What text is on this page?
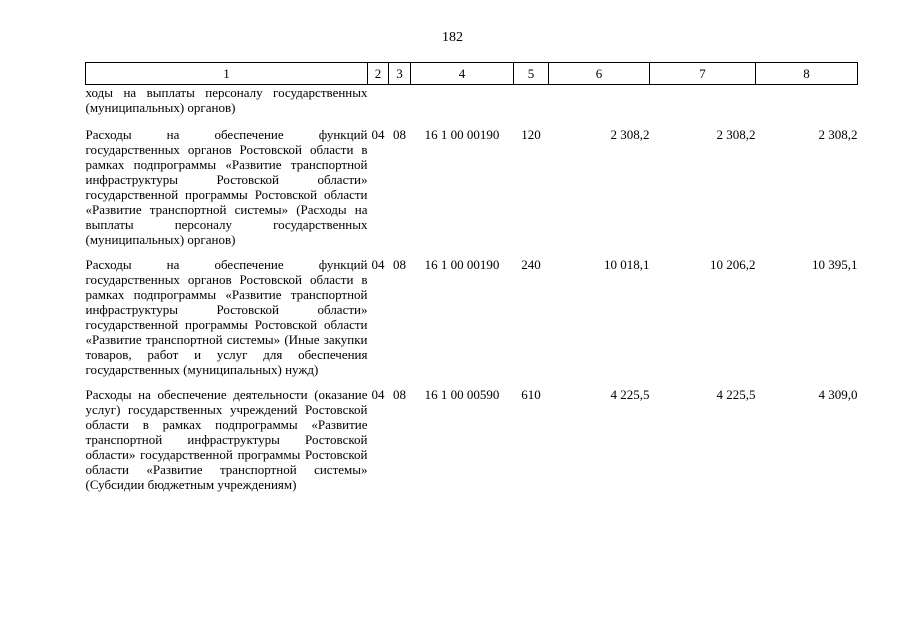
182
1	2	3	4	5	6	7	8
ходы на выплаты персоналу государственных (муниципальных) органов)							
Расходы на обеспечение функций государственных органов Ростовской области в рамках подпрограммы «Развитие транспортной инфраструктуры Ростовской области» государственной программы Ростовской области «Развитие транспортной системы» (Расходы на выплаты персоналу государственных (муниципальных) органов)	04	08	16 1 00 00190	120	2 308,2	2 308,2	2 308,2
Расходы на обеспечение функций государственных органов Ростовской области в рамках подпрограммы «Развитие транспортной инфраструктуры Ростовской области» государственной программы Ростовской области «Развитие транспортной системы» (Иные закупки товаров, работ и услуг для обеспечения государственных (муниципальных) нужд)	04	08	16 1 00 00190	240	10 018,1	10 206,2	10 395,1
Расходы на обеспечение деятельности (оказание услуг) государственных учреждений Ростовской области в рамках подпрограммы «Развитие транспортной инфраструктуры Ростовской области» государственной программы Ростовской области «Развитие транспортной системы» (Субсидии бюджетным учреждениям)	04	08	16 1 00 00590	610	4 225,5	4 225,5	4 309,0
